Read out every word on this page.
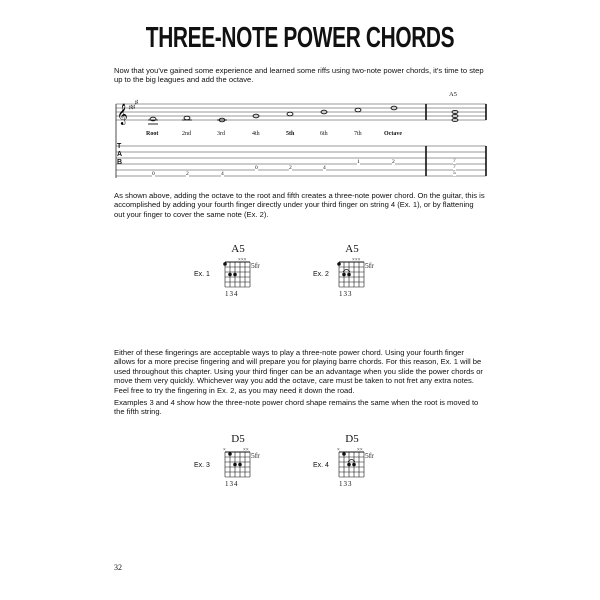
THREE-NOTE POWER CHORDS
Now that you've gained some experience and learned some riffs using two-note power chords, it's time to step up to the big leagues and add the octave.
𝄞 ♯♯
♯
A5
Root	2nd	3rd	4th	5th	6th	7th	Octave
T
A
B
0	2	4
0	2	4
1	2	7
7
5
As shown above, adding the octave to the root and fifth creates a three-note power chord. On the guitar, this is accomplished by adding your fourth finger directly under your third finger on string 4 (Ex. 1), or by flattening out your finger to cover the same note (Ex. 2).
A5
Ex. 1
×××
5fr
134
A5
Ex. 2
×××
5fr
133
Either of these fingerings are acceptable ways to play a three-note power chord. Using your fourth finger allows for a more precise fingering and will prepare you for playing barre chords. For this reason, Ex. 1 will be used throughout this chapter. Using your third finger can be an advantage when you slide the power chords or move them very quickly. Whichever way you add the octave, care must be taken to not fret any extra notes. Feel free to try the fingering in Ex. 2, as you may need it down the road.
Examples 3 and 4 show how the three-note power chord shape remains the same when the root is moved to the fifth string.
D5
Ex. 3
×	××
5fr
134
D5
Ex. 4
×	××
5fr
133
32
